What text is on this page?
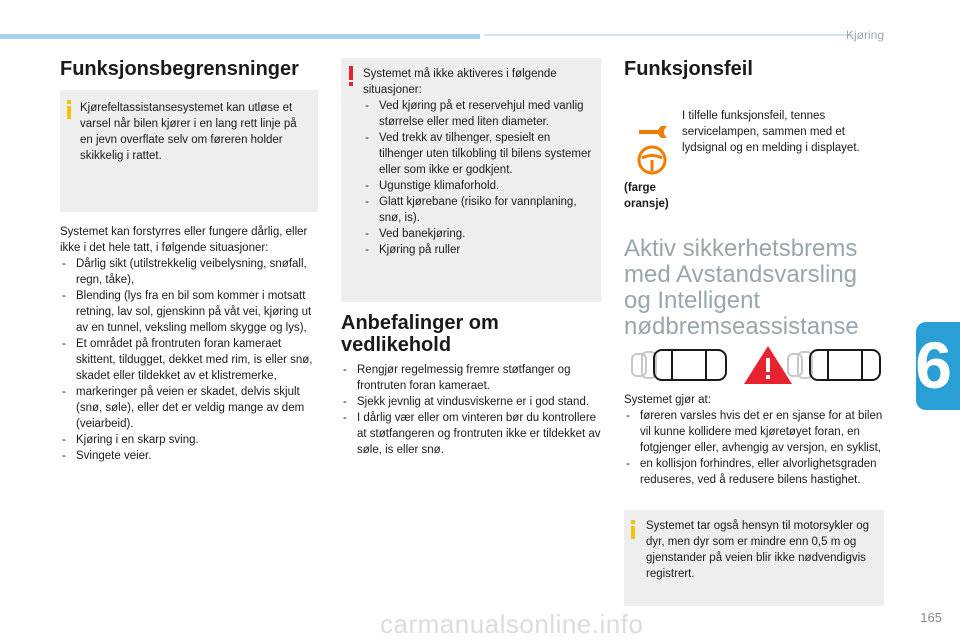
Kjøring
6
Funksjonsbegrensninger
Kjørefeltassistansesystemet kan utløse et varsel når bilen kjører i en lang rett linje på en jevn overflate selv om føreren holder skikkelig i rattet.
Systemet kan forstyrres eller fungere dårlig, eller ikke i det hele tatt, i følgende situasjoner:
- Dårlig sikt (utilstrekkelig veibelysning, snøfall, regn, tåke),
- Blending (lys fra en bil som kommer i motsatt retning, lav sol, gjenskinn på våt vei, kjøring ut av en tunnel, veksling mellom skygge og lys),
- Et området på frontruten foran kameraet skittent, tildugget, dekket med rim, is eller snø, skadet eller tildekket av et klistremerke,
- markeringer på veien er skadet, delvis skjult (snø, søle), eller det er veldig mange av dem (veiarbeid).
- Kjøring i en skarp sving.
- Svingete veier.
Systemet må ikke aktiveres i følgende situasjoner:
- Ved kjøring på et reservehjul med vanlig størrelse eller med liten diameter.
- Ved trekk av tilhenger, spesielt en tilhenger uten tilkobling til bilens systemer eller som ikke er godkjent.
- Ugunstige klimaforhold.
- Glatt kjørebane (risiko for vannplaning, snø, is).
- Ved banekjøring.
- Kjøring på ruller
Anbefalinger om vedlikehold
- Rengjør regelmessig fremre støtfanger og frontruten foran kameraet.
- Sjekk jevnlig at vindusviskerne er i god stand.
- I dårlig vær eller om vinteren bør du kontrollere at støtfangeren og frontruten ikke er tildekket av søle, is eller snø.
Funksjonsfeil
I tilfelle funksjonsfeil, tennes servicelampen, sammen med et lydsignal og en melding i displayet.
(farge
oransje)
Aktiv sikkerhetsbrems med Avstandsvarsling og Intelligent nødbremseassistanse
Systemet gjør at:
- føreren varsles hvis det er en sjanse for at bilen vil kunne kollidere med kjøretøyet foran, en fotgjenger eller, avhengig av versjon, en syklist,
- en kollisjon forhindres, eller alvorlighetsgraden reduseres, ved å redusere bilens hastighet.
Systemet tar også hensyn til motorsykler og dyr, men dyr som er mindre enn 0,5 m og gjenstander på veien blir ikke nødvendigvis registrert.
165
carmanualsonline.info
